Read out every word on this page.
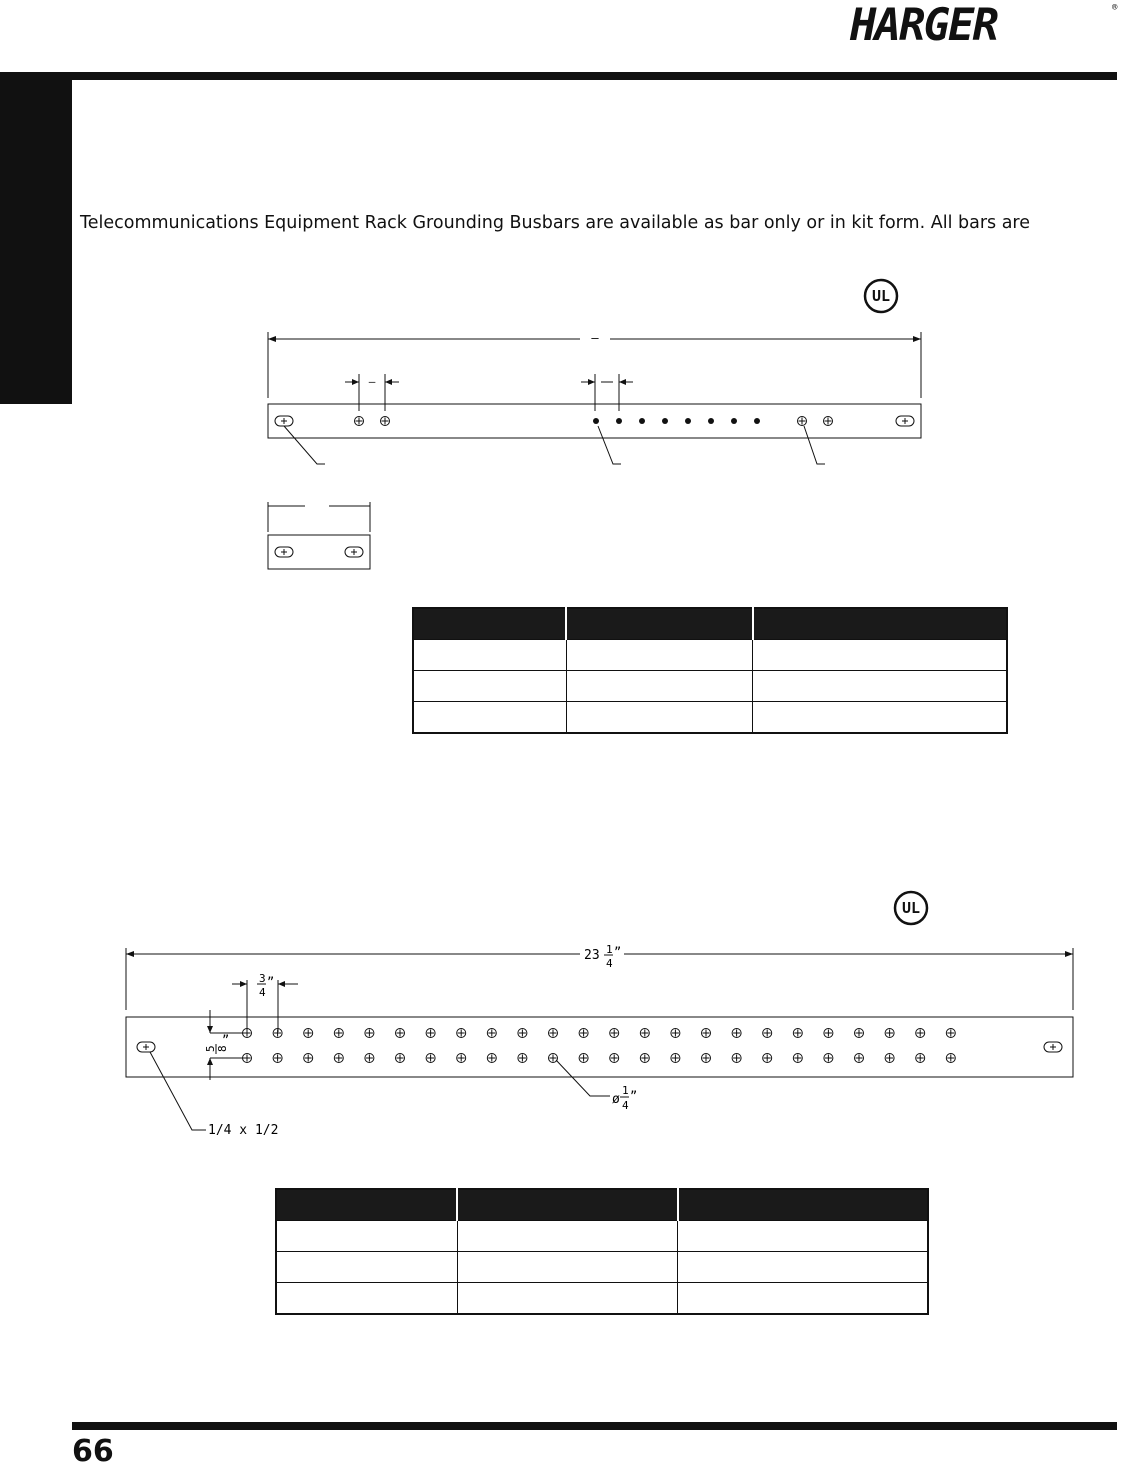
HARGER	®
Telecommunications Equipment Rack Grounding Busbars are available as bar only or in kit form. All bars are
UL
–
–

UL
23 1
4
”
3
4
”
5 8
”
1/4 x 1/2
ø
1
4
”

66
